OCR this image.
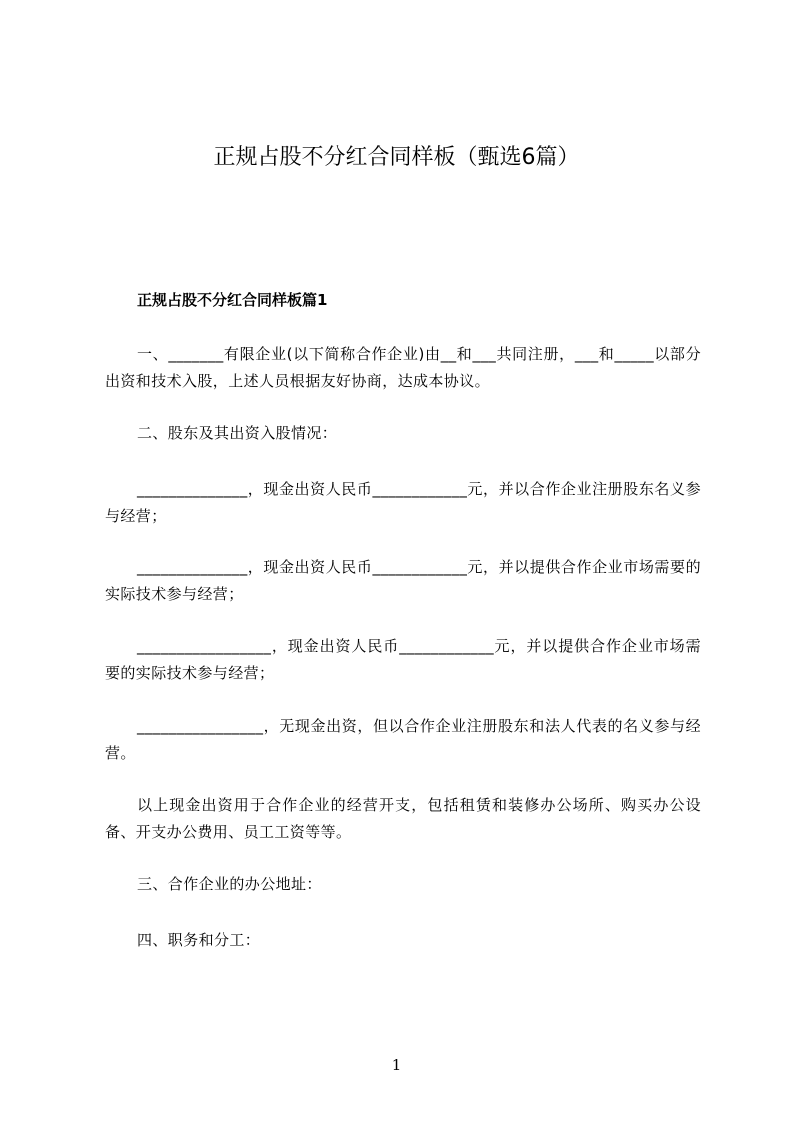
正规占股不分红合同样板（甄选6篇）
正规占股不分红合同样板篇1
一、_______有限企业(以下简称合作企业)由__和___共同注册，___和_____以部分出资和技术入股，上述人员根据友好协商，达成本协议。
二、股东及其出资入股情况：
______________，现金出资人民币____________元，并以合作企业注册股东名义参与经营；
______________，现金出资人民币____________元，并以提供合作企业市场需要的实际技术参与经营；
_________________，现金出资人民币____________元，并以提供合作企业市场需要的实际技术参与经营；
________________，无现金出资，但以合作企业注册股东和法人代表的名义参与经营。
以上现金出资用于合作企业的经营开支，包括租赁和装修办公场所、购买办公设备、开支办公费用、员工工资等等。
三、合作企业的办公地址：
四、职务和分工：
1
